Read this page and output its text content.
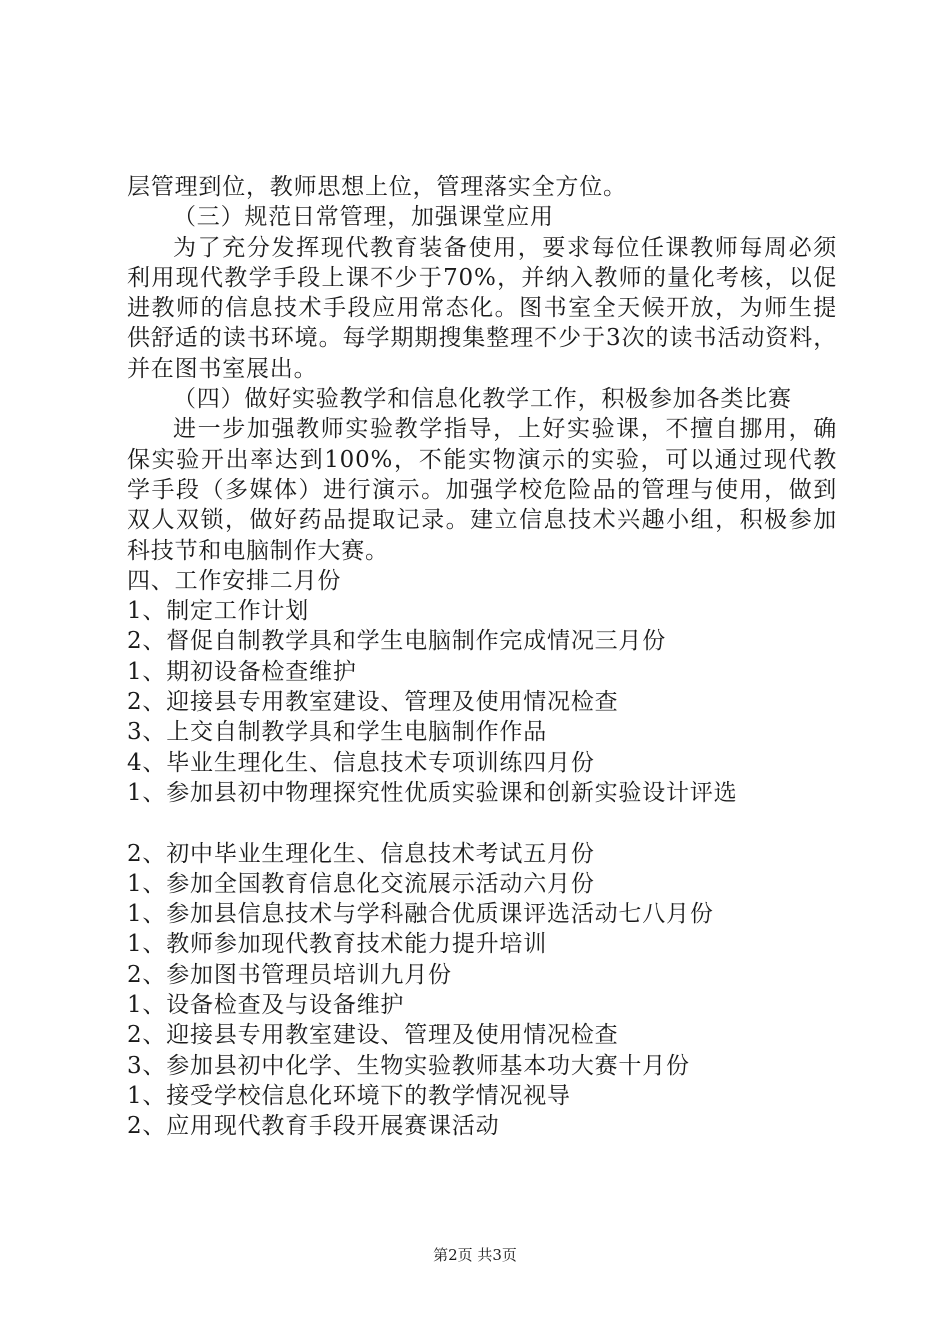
层管理到位，教师思想上位，管理落实全方位。

（三）规范日常管理，加强课堂应用

为了充分发挥现代教育装备使用，要求每位任课教师每周必须利用现代教学手段上课不少于70%，并纳入教师的量化考核，以促进教师的信息技术手段应用常态化。图书室全天候开放，为师生提供舒适的读书环境。每学期期搜集整理不少于3次的读书活动资料，并在图书室展出。

（四）做好实验教学和信息化教学工作，积极参加各类比赛

进一步加强教师实验教学指导，上好实验课，不擅自挪用，确保实验开出率达到100%，不能实物演示的实验，可以通过现代教学手段（多媒体）进行演示。加强学校危险品的管理与使用，做到双人双锁，做好药品提取记录。建立信息技术兴趣小组，积极参加科技节和电脑制作大赛。

四、工作安排二月份

1、制定工作计划

2、督促自制教学具和学生电脑制作完成情况三月份

1、期初设备检查维护

2、迎接县专用教室建设、管理及使用情况检查

3、上交自制教学具和学生电脑制作作品

4、毕业生理化生、信息技术专项训练四月份

1、参加县初中物理探究性优质实验课和创新实验设计评选

2、初中毕业生理化生、信息技术考试五月份

1、参加全国教育信息化交流展示活动六月份

1、参加县信息技术与学科融合优质课评选活动七八月份

1、教师参加现代教育技术能力提升培训

2、参加图书管理员培训九月份

1、设备检查及与设备维护

2、迎接县专用教室建设、管理及使用情况检查

3、参加县初中化学、生物实验教师基本功大赛十月份

1、接受学校信息化环境下的教学情况视导

2、应用现代教育手段开展赛课活动

第2页 共3页
